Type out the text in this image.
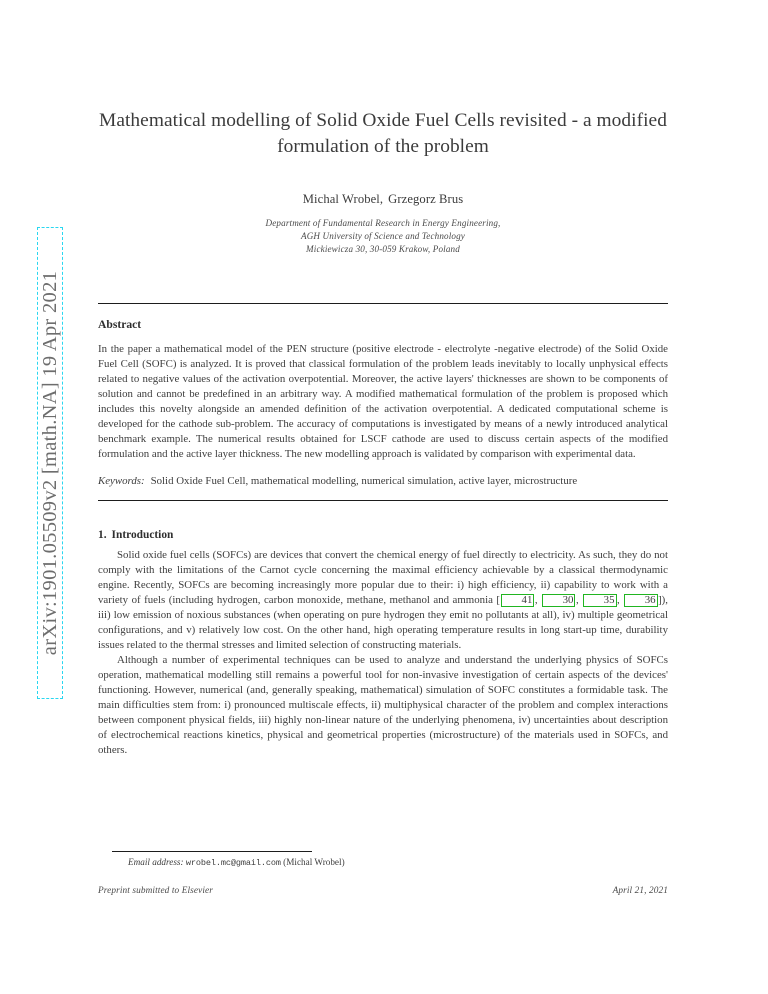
arXiv:1901.05509v2 [math.NA] 19 Apr 2021
Mathematical modelling of Solid Oxide Fuel Cells revisited - a modified formulation of the problem
Michal Wrobel, Grzegorz Brus
Department of Fundamental Research in Energy Engineering,
AGH University of Science and Technology
Mickiewicza 30, 30-059 Krakow, Poland
Abstract

In the paper a mathematical model of the PEN structure (positive electrode - electrolyte -negative electrode) of the Solid Oxide Fuel Cell (SOFC) is analyzed. It is proved that classical formulation of the problem leads inevitably to locally unphysical effects related to negative values of the activation overpotential. Moreover, the active layers' thicknesses are shown to be components of solution and cannot be predefined in an arbitrary way. A modified mathematical formulation of the problem is proposed which includes this novelty alongside an amended definition of the activation overpotential. A dedicated computational scheme is developed for the cathode sub-problem. The accuracy of computations is investigated by means of a newly introduced analytical benchmark example. The numerical results obtained for LSCF cathode are used to discuss certain aspects of the modified formulation and the active layer thickness. The new modelling approach is validated by comparison with experimental data.

Keywords: Solid Oxide Fuel Cell, mathematical modelling, numerical simulation, active layer, microstructure

1. Introduction

Solid oxide fuel cells (SOFCs) are devices that convert the chemical energy of fuel directly to electricity. As such, they do not comply with the limitations of the Carnot cycle concerning the maximal efficiency achievable by a classical thermodynamic engine. Recently, SOFCs are becoming increasingly more popular due to their: i) high efficiency, ii) capability to work with a variety of fuels (including hydrogen, carbon monoxide, methane, methanol and ammonia [ 41 , 30 , 35 , 36 ]), iii) low emission of noxious substances (when operating on pure hydrogen they emit no pollutants at all), iv) multiple geometrical configurations, and v) relatively low cost. On the other hand, high operating temperature results in long start-up time, durability issues related to the thermal stresses and limited selection of constructing materials.

Although a number of experimental techniques can be used to analyze and understand the underlying physics of SOFCs operation, mathematical modelling still remains a powerful tool for non-invasive investigation of certain aspects of the devices' functioning. However, numerical (and, generally speaking, mathematical) simulation of SOFC constitutes a formidable task. The main difficulties stem from: i) pronounced multiscale effects, ii) multiphysical character of the problem and complex interactions between component physical fields, iii) highly non-linear nature of the underlying phenomena, iv) uncertainties about description of electrochemical reactions kinetics, physical and geometrical properties (microstructure) of the materials used in SOFCs, and others.

Email address: wrobel.mc@gmail.com (Michal Wrobel)
Preprint submitted to Elsevier	April 21, 2021
